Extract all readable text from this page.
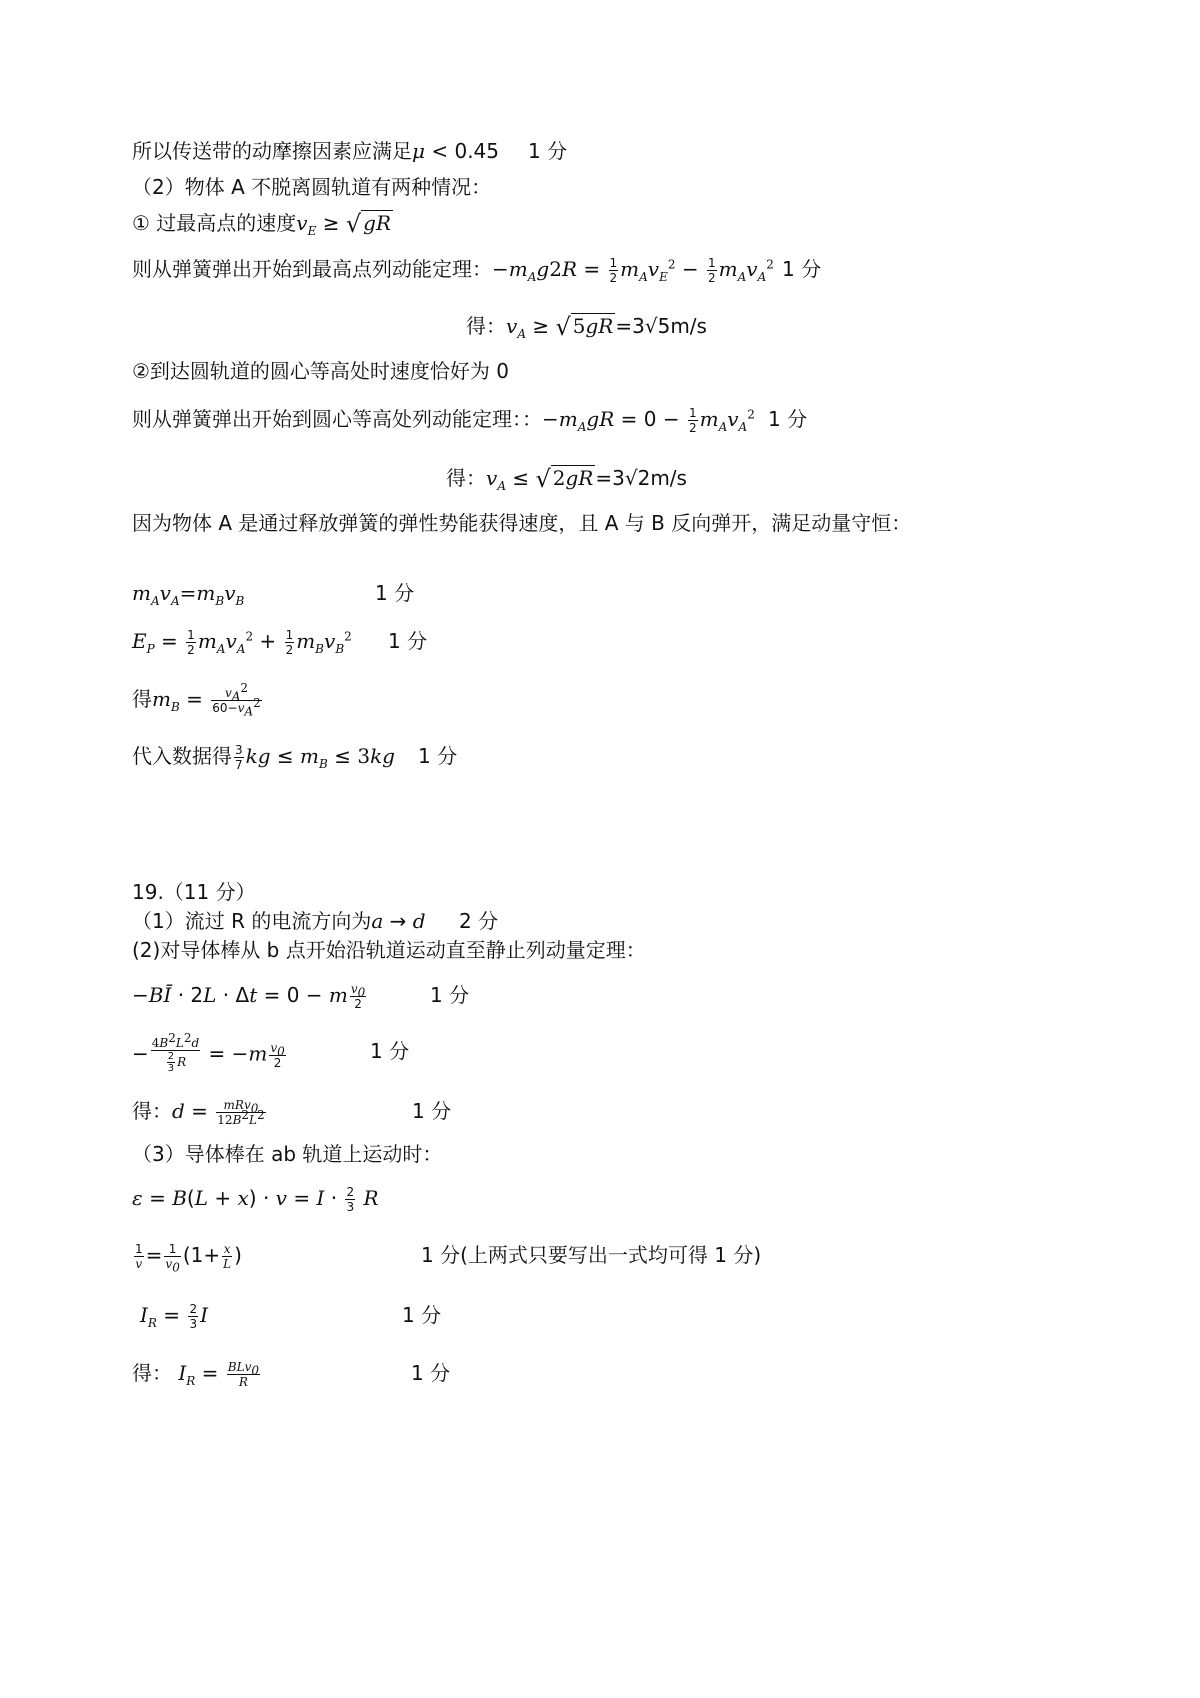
所以传送带的动摩擦因素应满足μ < 0.45 1 分
（2）物体 A 不脱离圆轨道有两种情况：
① 过最高点的速度$v_E$ ≥ √ gR
则从弹簧弹出开始到最高点列动能定理：$-m_Ag2R = \frac{1}{2} m_Av_E^2 - \frac{1}{2} m_Av_A^2$ 1 分
得：$v_A$ ≥ √ 5gR =3√5m/s
②到达圆轨道的圆心等高处时速度恰好为 0
则从弹簧弹出开始到圆心等高处列动能定理：：$-m_AgR = 0 - \frac{1}{2} m_Av_A^2$ 1 分
得：$v_A$ ≤ √ 2gR =3√2m/s
因为物体 A 是通过释放弹簧的弹性势能获得速度，且 A 与 B 反向弹开，满足动量守恒：
$m_Av_A=m_Bv_B$	1 分
$E_P = \frac{1}{2} m_Av_A^2 + \frac{1}{2} m_Bv_B^2$ 1 分
得$m_B = \frac{v_A^2}{60-v_A^2}$
代入数据得 $\frac{3}{7}$ kg ≤ $m_B \le 3kg$ 1 分
19.（11 分）
（1）流过 R 的电流方向为a → d 2 分
(2)对导体棒从 b 点开始沿轨道运动直至静止列动量定理：
−BĪ · 2L · Δt = 0 − m $\frac{v_0}{2}$	1 分
− $\frac{4B^2L^2d}{\frac{2}{3} R} = -m \frac{v_0}{2}$	1 分
得：d = mRv$_0$
$12B^2L^2$	1 分
（3）导体棒在 ab 轨道上运动时：
$\varepsilon = B(L + x) \cdot v = I \cdot \frac{2}{3}$ R
$\frac{1}{v} = \frac{1}{v_0} (1+ \frac{x}{L}$ )	1 分(上两式只要写出一式均可得 1 分)
$I_R = \frac{2}{3}$ I	1 分
得： $I_R = BLv_0$
R	1 分
